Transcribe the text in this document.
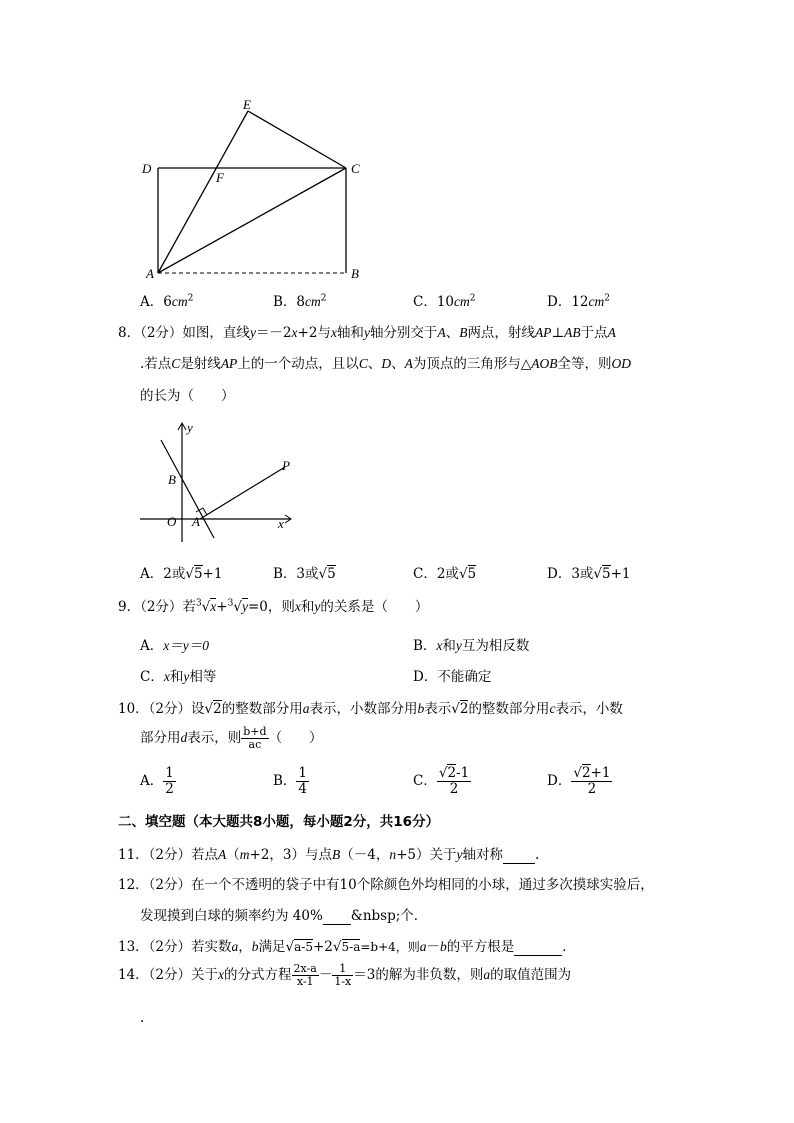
E
D	C
F
A	B
A．$6cm^2$	B．$8cm^2$	C．$10cm^2$	D．$12cm^2$
8．（2分）如图，直线y＝－2x+2与x轴和y轴分别交于A、B两点，射线AP⊥AB于点A
.若点C是射线AP上的一个动点，且以C、D、A为顶点的三角形与△AOB全等，则OD
的长为（　　）
y
B
P
O A	x
A．2或√5+1	B．3或√5	C．2或√5	D．3或√5+1
9．（2分）若$^3$√x+$^3$√y=0，则x和y的关系是（　　）
A．x＝y＝0	B．x和y互为相反数
C．x和y相等	D．不能确定
10．（2分）设√2的整数部分用a表示，小数部分用b表示√2的整数部分用c表示，小数
部分用d表示，则 $\frac{b+d}{ac}$ （　　）
A． $\frac{1}{2}$	B． $\frac{1}{4}$	C． $\frac{√2-1}{2}$	D． $\frac{√2+1}{2}$
二、填空题（本大题共8小题，每小题2分，共16分）
11．（2分）若点A（m+2，3）与点B（－4，n+5）关于y轴对称 .
12．（2分）在一个不透明的袋子中有10个除颜色外均相同的小球，通过多次摸球实验后，
发现摸到白球的频率约为 40% &nbsp;个．
13．（2分）若实数a，b满足√a-5+2√5-a=b+4，则a－b的平方根是	．
14．（2分）关于x的分式方程 $\frac{2x-a}{x-1} - \frac{1}{1-x} =3$的解为非负数，则a的取值范围为
.
